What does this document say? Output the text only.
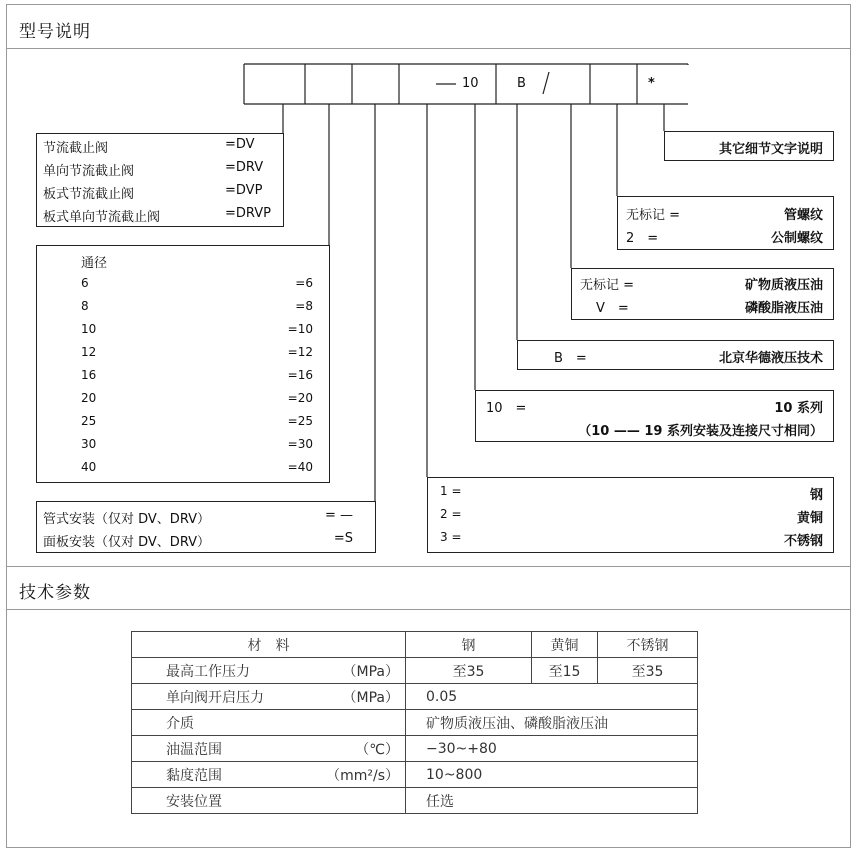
型号说明
10	B	*
节流截止阀	=DV
单向节流截止阀	=DRV
板式节流截止阀	=DVP
板式单向节流截止阀	=DRVP
通径
6	=6
8	=8
10	=10
12	=12
16	=16
20	=20
25	=25
30	=30
40	=40
管式安装（仅对 DV、DRV）	= —
面板安装（仅对 DV、DRV）	=S
其它细节文字说明
无标记 =	管螺纹
2　=	公制螺纹
无标记 =	矿物质液压油
V　=	磷酸脂液压油
B　=	北京华德液压技术
10　=	10 系列
（10 —— 19 系列安装及连接尺寸相同）
1 =	钢
2 =	黄铜
3 =	不锈钢
技术参数
材　料		钢	黄铜	不锈钢
最高工作压力	（MPa）	至35	至15	至35
单向阀开启压力	（MPa）	0.05		
介质		矿物质液压油、磷酸脂液压油		
油温范围	（℃）	−30~+80		
黏度范围	（mm²/s）	10~800		
安装位置		任选		
